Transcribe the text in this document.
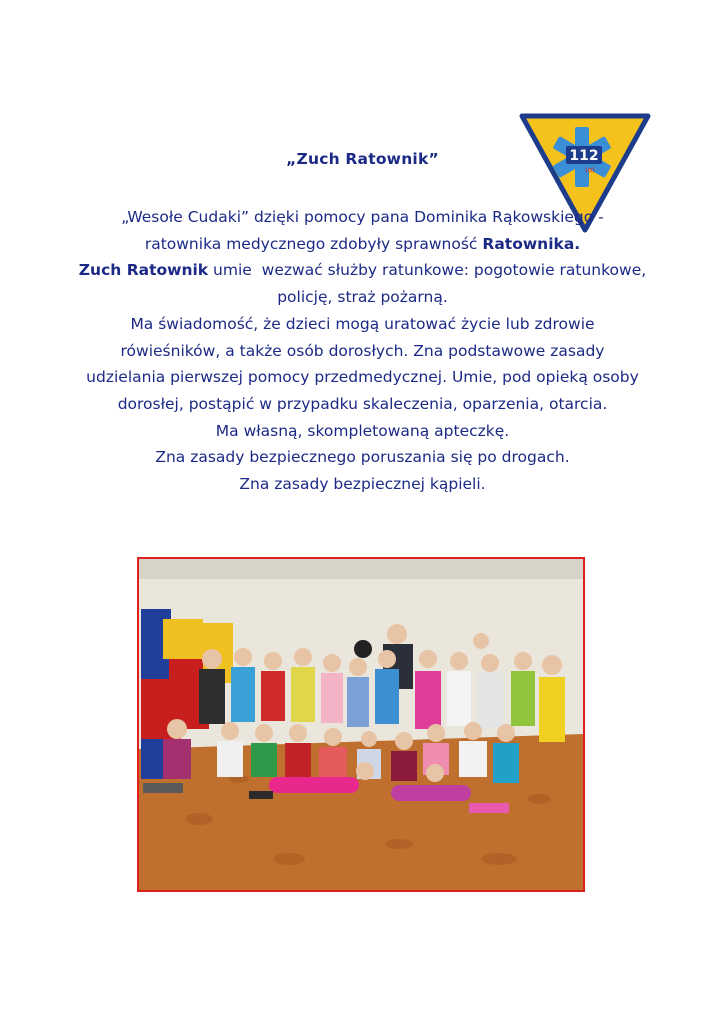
112
(o)
„Zuch Ratownik”

„Wesołe Cudaki” dzięki pomocy pana Dominika Rąkowskiego -

ratownika medycznego zdobyły sprawność Ratownika.

Zuch Ratownik umie  wezwać służby ratunkowe: pogotowie ratunkowe,

policję, straż pożarną.

Ma świadomość, że dzieci mogą uratować życie lub zdrowie

rówieśników, a także osób dorosłych. Zna podstawowe zasady

udzielania pierwszej pomocy przedmedycznej. Umie, pod opieką osoby

dorosłej, postąpić w przypadku skaleczenia, oparzenia, otarcia.

Ma własną, skompletowaną apteczkę.

Zna zasady bezpiecznego poruszania się po drogach.

Zna zasady bezpiecznej kąpieli.
